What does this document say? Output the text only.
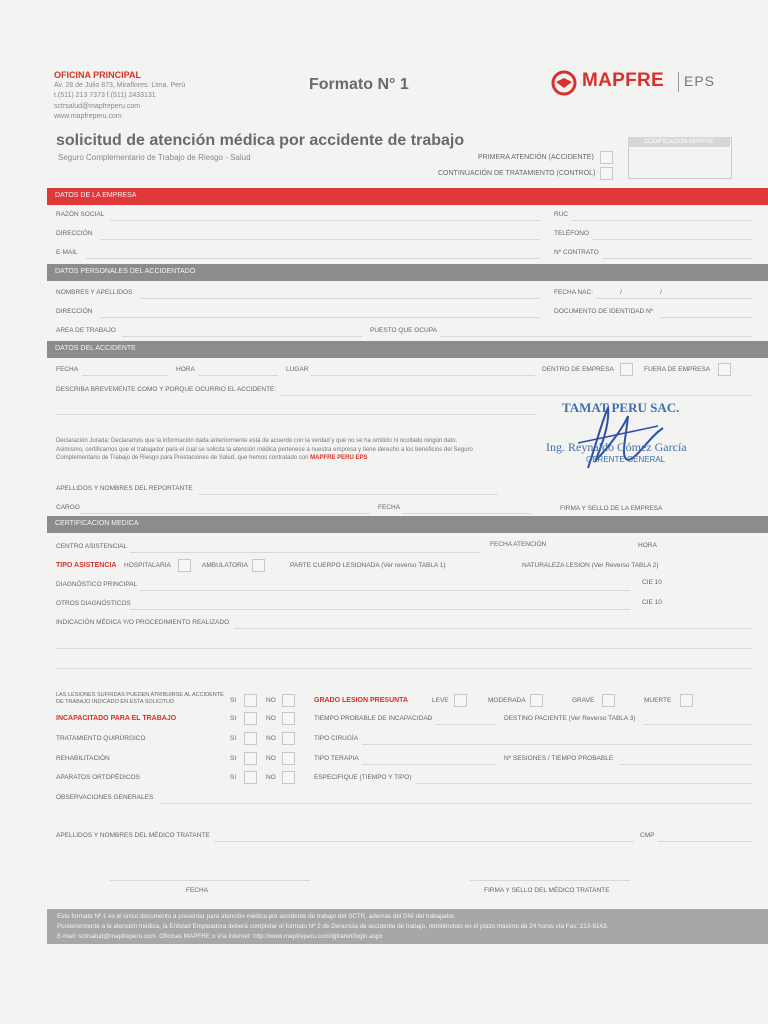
OFICINA PRINCIPAL
Av. 28 de Julio 873, Miraflores. Lima. Perú
t.(511) 213 7373 f.(511) 2433131
sctrsalud@mapfreperu.com
www.mapfreperu.com
Formato N° 1	MAPFRE EPS
solicitud de atención médica por accidente de trabajo
Seguro Complementario de Trabajo de Riesgo - Salud
CODIFICACION MAPFRE
PRIMERA ATENCIÓN (ACCIDENTE)
CONTINUACIÓN DE TRATAMIENTO (CONTROL)
DATOS DE LA EMPRESA
RAZÓN SOCIAL	RUC
DIRECCIÓN	TELÉFONO
E-MAIL	Nº CONTRATO
DATOS PERSONALES DEL ACCIDENTADO
NOMBRES Y APELLIDOS	FECHA NAC:	/	/
DIRECCIÓN	DOCUMENTO DE IDENTIDAD Nº
AREA DE TRABAJO	PUESTO QUE OCUPA
DATOS DEL ACCIDENTE
FECHA	HORA	LUGAR	DENTRO DE EMPRESA	FUERA DE EMPRESA
DESCRIBA BREVEMENTE COMO Y PORQUE OCURRIO EL ACCIDENTE:
Declaración Jurada: Declaramos que la información dada anteriormente está de acuerdo con la verdad y que no se ha omitido ni ocultado ningún dato. Asimismo, certificamos que el trabajador para el cual se solicita la atención médica pertenece a nuestra empresa y tiene derecho a los beneficios del Seguro Complementario de Trabajo de Riesgo para Prestaciones de Salud, que hemos contratado con MAPFRE PERU EPS
TAMAT PERU SAC.
Ing. Reynaldo Gómez García
GERENTE GENERAL
APELLIDOS Y NOMBRES DEL REPORTANTE
CARGO	FECHA	FIRMA Y SELLO DE LA EMPRESA
CERTIFICACION MEDICA
CENTRO ASISTENCIAL	FECHA ATENCIÓN	HORA
TIPO ASISTENCIA HOSPITALARIA	AMBULATORIA	PARTE CUERPO LESIONADA (Ver reverso TABLA 1)	NATURALEZA LESION (Ver Reverso TABLA 2)
DIAGNÓSTICO PRINCIPAL	CIE 10
OTROS DIAGNÓSTICOS	CIE 10
INDICACIÓN MÉDICA Y/O PROCEDIMIENTO REALIZADO
LAS LESIONES SUFRIDAS PUEDEN ATRIBUIRSE AL ACCIDENTE DE TRABAJO INDICADO EN ESTA SOLICITUD	SI	NO	GRADO LESION PRESUNTA	LEVE	MODERADA	GRAVE	MUERTE
INCAPACITADO PARA EL TRABAJO	SI	NO	TIEMPO PROBABLE DE INCAPACIDAD	DESTINO PACIENTE (Ver Reverso TABLA 3)
TRATAMIENTO QUIRÚRGICO	SI	NO	TIPO CIRUGÍA
REHABILITACIÓN	SI	NO	TIPO TERAPIA	Nº SESIONES / TIEMPO PROBABLE
APARATOS ORTOPÉDICOS	SI	NO	ESPECIFIQUE (TIEMPO Y TIPO)
OBSERVACIONES GENERALES
APELLIDOS Y NOMBRES DEL MÉDICO TRATANTE	CMP
FECHA	FIRMA Y SELLO DEL MÉDICO TRATANTE
Este formato Nº 1 es el único documento a presentar para atención médica por accidente de trabajo del SCTR, además del DNI del trabajador.
Posteriormente a la atención médica, la Entidad Empleadora deberá completar el formato Nº 2 de Denuncia de accidente de trabajo, remitiéndolo en el plazo máximo de 24 horas vía Fax: 213-9143.
E-mail: sctrsalud@mapfreperu.com. Oficinas MAPFRE o Vía Internet: http://www.mapfreperu.com/igtranet/login.aspx
